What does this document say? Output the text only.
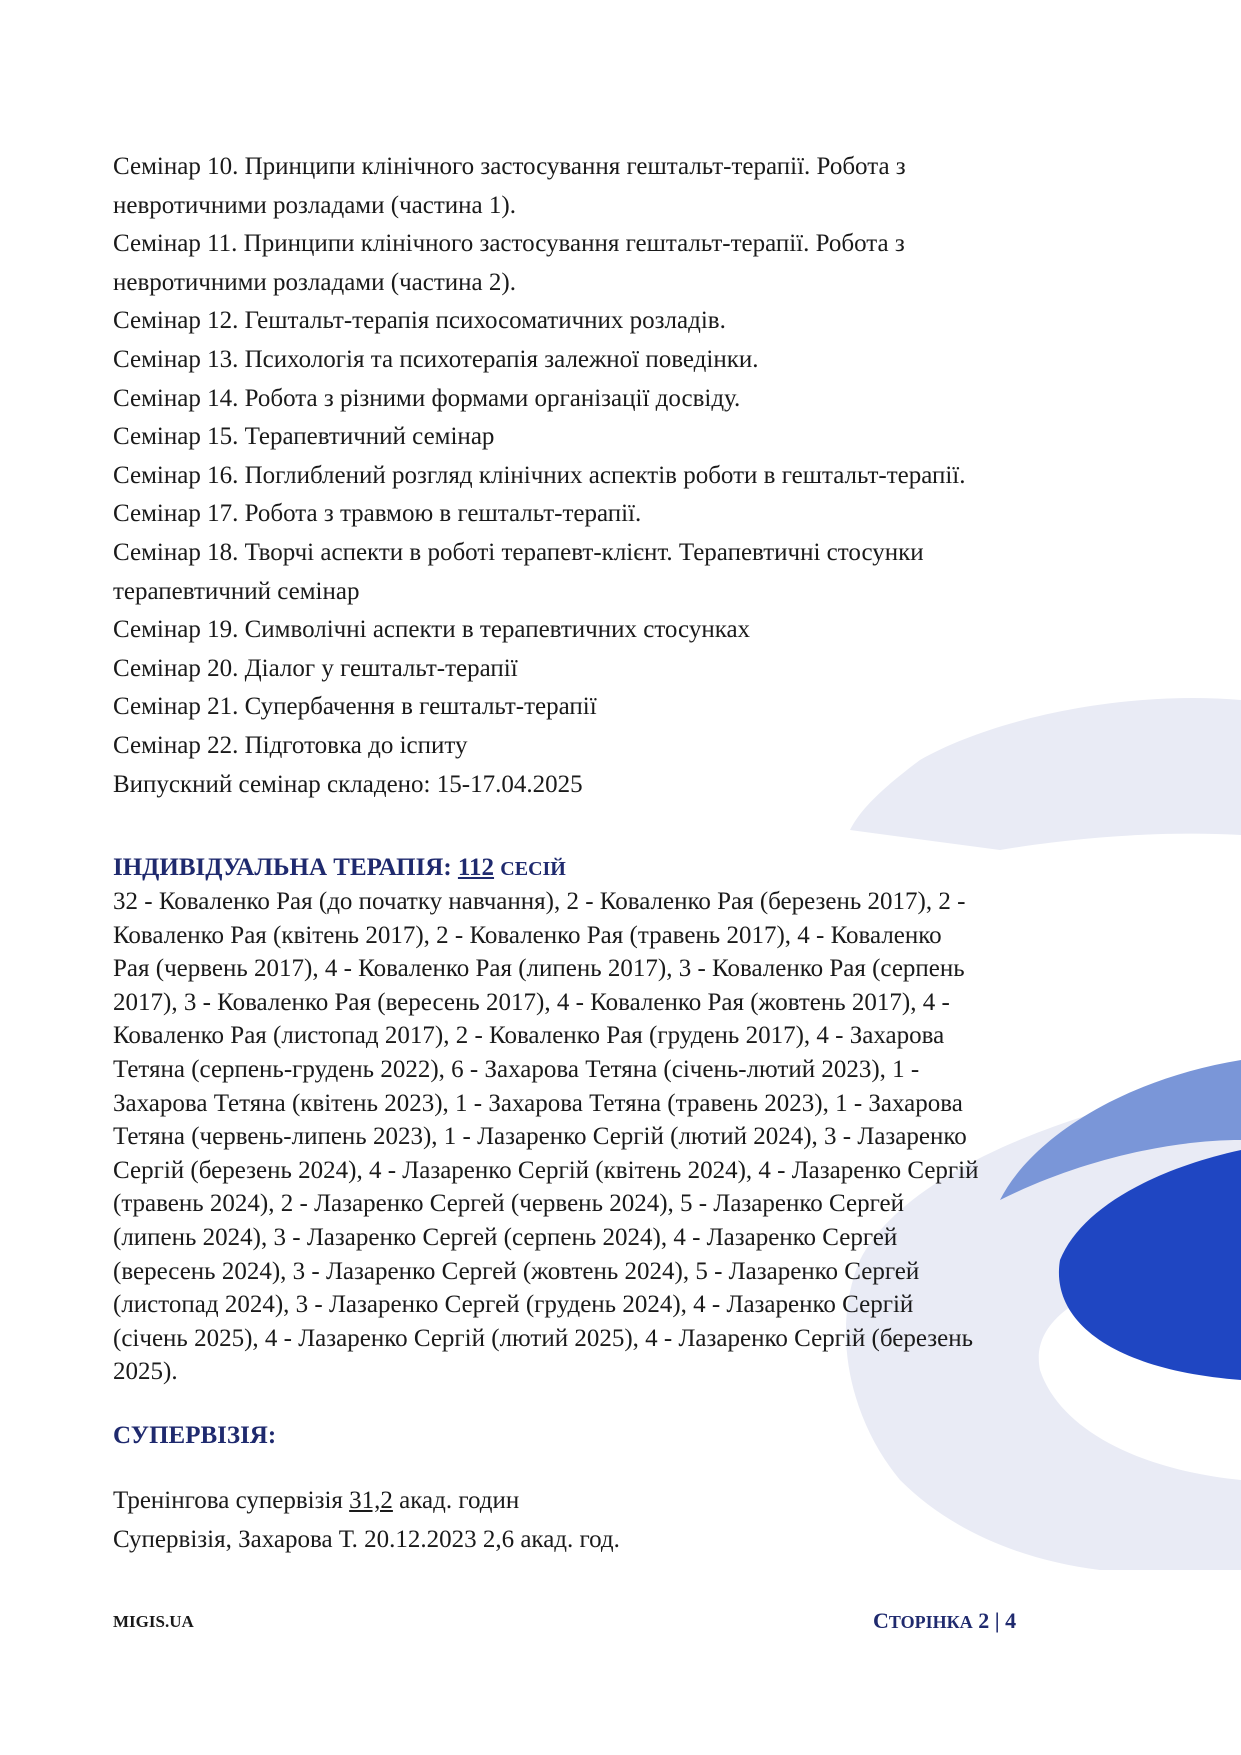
Семінар 10. Принципи клінічного застосування гештальт-терапії. Робота з
невротичними розладами (частина 1).
Семінар 11. Принципи клінічного застосування гештальт-терапії. Робота з
невротичними розладами (частина 2).
Семінар 12. Гештальт-терапія психосоматичних розладів.
Семінар 13. Психологія та психотерапія залежної поведінки.
Семінар 14. Робота з різними формами організації досвіду.
Семінар 15. Терапевтичний семінар
Семінар 16. Поглиблений розгляд клінічних аспектів роботи в гештальт-терапії.
Семінар 17. Робота з травмою в гештальт-терапії.
Семінар 18. Творчі аспекти в роботі терапевт-клієнт. Терапевтичні стосунки
терапевтичний семінар
Семінар 19. Символічні аспекти в терапевтичних стосунках
Семінар 20. Діалог у гештальт-терапії
Семінар 21. Супербачення в гештальт-терапії
Семінар 22. Підготовка до іспиту
Випускний семінар складено: 15-17.04.2025
ІНДИВІДУАЛЬНА ТЕРАПІЯ: 112 СЕСІЙ
32 - Коваленко Рая (до початку навчання), 2 - Коваленко Рая (березень 2017), 2 -
Коваленко Рая (квітень 2017), 2 - Коваленко Рая (травень 2017), 4 - Коваленко
Рая (червень 2017), 4 - Коваленко Рая (липень 2017), 3 - Коваленко Рая (серпень
2017), 3 - Коваленко Рая (вересень 2017), 4 - Коваленко Рая (жовтень 2017), 4 -
Коваленко Рая (листопад 2017), 2 - Коваленко Рая (грудень 2017), 4 - Захарова
Тетяна (серпень-грудень 2022), 6 - Захарова Тетяна (січень-лютий 2023), 1 -
Захарова Тетяна (квітень 2023), 1 - Захарова Тетяна (травень 2023), 1 - Захарова
Тетяна (червень-липень 2023), 1 - Лазаренко Сергій (лютий 2024), 3 - Лазаренко
Сергій (березень 2024), 4 - Лазаренко Сергій (квітень 2024), 4 - Лазаренко Сергій
(травень 2024), 2 - Лазаренко Сергей (червень 2024), 5 - Лазаренко Сергей
(липень 2024), 3 - Лазаренко Сергей (серпень 2024), 4 - Лазаренко Сергей
(вересень 2024), 3 - Лазаренко Сергей (жовтень 2024), 5 - Лазаренко Сергей
(листопад 2024), 3 - Лазаренко Сергей (грудень 2024), 4 - Лазаренко Сергій
(січень 2025), 4 - Лазаренко Сергій (лютий 2025), 4 - Лазаренко Сергій (березень
2025).
СУПЕРВІЗІЯ:
Тренінгова супервізія 31,2 акад. годин
Супервізія, Захарова Т. 20.12.2023 2,6 акад. год.
MIGIS.UA	СТОРІНКА 2 | 4
